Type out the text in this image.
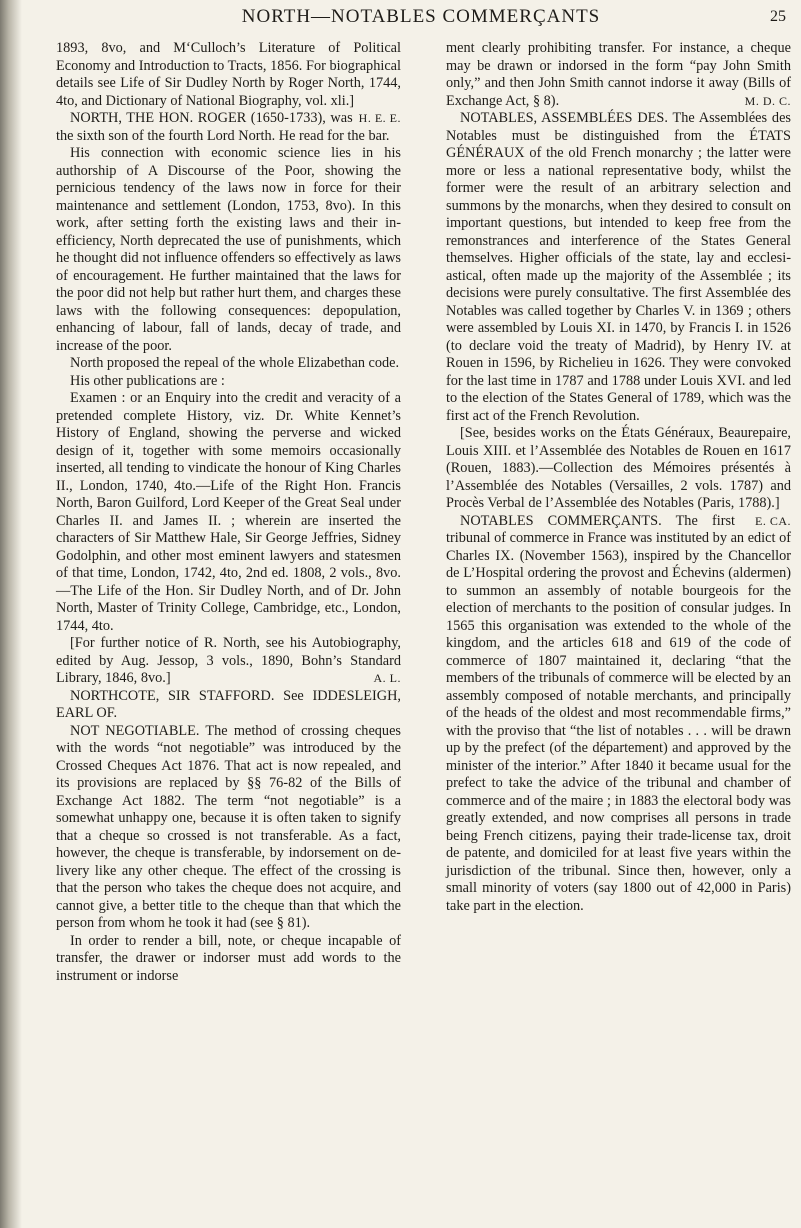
NORTH—NOTABLES COMMERÇANTS	25

1893, 8vo, and M‘Culloch’s Literature of Political Economy and Introduction to Tracts, 1856. For biographical details see Life of Sir Dudley North by Roger North, 1744, 4to, and Dictionary of National Biography, vol. xli.]
H. E. E.

NORTH, THE HON. ROGER (1650-1733), was the sixth son of the fourth Lord North. He read for the bar.

His connection with economic science lies in his authorship of A Discourse of the Poor, showing the pernicious tendency of the laws now in force for their maintenance and settlement (London, 1753, 8vo). In this work, after setting forth the existing laws and their inefficiency, North deprecated the use of punishments, which he thought did not influence offenders so effectively as laws of encouragement. He further maintained that the laws for the poor did not help but rather hurt them, and charges these laws with the following consequences: depopulation, enhancing of labour, fall of lands, decay of trade, and increase of the poor.

North proposed the repeal of the whole Elizabethan code.

His other publications are :

Examen : or an Enquiry into the credit and veracity of a pretended complete History, viz. Dr. White Kennet’s History of England, showing the perverse and wicked design of it, together with some memoirs occasionally inserted, all tending to vindicate the honour of King Charles II., London, 1740, 4to.—Life of the Right Hon. Francis North, Baron Guilford, Lord Keeper of the Great Seal under Charles II. and James II. ; wherein are inserted the characters of Sir Matthew Hale, Sir George Jeffries, Sidney Godolphin, and other most eminent lawyers and statesmen of that time, London, 1742, 4to, 2nd ed. 1808, 2 vols., 8vo. —The Life of the Hon. Sir Dudley North, and of Dr. John North, Master of Trinity College, Cambridge, etc., London, 1744, 4to.

[For further notice of R. North, see his Autobiography, edited by Aug. Jessop, 3 vols., 1890, Bohn’s Standard Library, 1846, 8vo.]	A. L.

NORTHCOTE, SIR STAFFORD. See IDDESLEIGH, EARL OF.

NOT NEGOTIABLE. The method of crossing cheques with the words “not negotiable” was introduced by the Crossed Cheques Act 1876. That act is now repealed, and its provisions are replaced by §§ 76-82 of the Bills of Exchange Act 1882. The term “not negotiable” is a somewhat unhappy one, because it is often taken to signify that a cheque so crossed is not transferable. As a fact, however, the cheque is transferable, by indorsement on delivery like any other cheque. The effect of the crossing is that the person who takes the cheque does not acquire, and cannot give, a better title to the cheque than that which the person from whom he took it had (see § 81).

In order to render a bill, note, or cheque incapable of transfer, the drawer or indorser must add words to the instrument or indorse

ment clearly prohibiting transfer. For instance, a cheque may be drawn or indorsed in the form “pay John Smith only,” and then John Smith cannot indorse it away (Bills of Exchange Act, § 8).	M. D. C.

NOTABLES, ASSEMBLÉES DES. The Assemblées des Notables must be distinguished from the ÉTATS GÉNÉRAUX of the old French monarchy ; the latter were more or less a national representative body, whilst the former were the result of an arbitrary selection and summons by the monarchs, when they desired to consult on important questions, but intended to keep free from the remonstrances and interference of the States General themselves. Higher officials of the state, lay and ecclesiastical, often made up the majority of the Assemblée ; its decisions were purely consultative. The first Assemblée des Notables was called together by Charles V. in 1369 ; others were assembled by Louis XI. in 1470, by Francis I. in 1526 (to declare void the treaty of Madrid), by Henry IV. at Rouen in 1596, by Richelieu in 1626. They were convoked for the last time in 1787 and 1788 under Louis XVI. and led to the election of the States General of 1789, which was the first act of the French Revolution.

[See, besides works on the États Généraux, Beaurepaire, Louis XIII. et l’Assemblée des Notables de Rouen en 1617 (Rouen, 1883).—Collection des Mémoires présentés à l’Assemblée des Notables (Versailles, 2 vols. 1787) and Procès Verbal de l’Assemblée des Notables (Paris, 1788).]
E. CA.

NOTABLES COMMERÇANTS. The first tribunal of commerce in France was instituted by an edict of Charles IX. (November 1563), inspired by the Chancellor de L’Hospital ordering the provost and Échevins (aldermen) to summon an assembly of notable bourgeois for the election of merchants to the position of consular judges. In 1565 this organisation was extended to the whole of the kingdom, and the articles 618 and 619 of the code of commerce of 1807 maintained it, declaring “that the members of the tribunals of commerce will be elected by an assembly composed of notable merchants, and principally of the heads of the oldest and most recommendable firms,” with the proviso that “the list of notables . . . will be drawn up by the prefect (of the département) and approved by the minister of the interior.” After 1840 it became usual for the prefect to take the advice of the tribunal and chamber of commerce and of the maire ; in 1883 the electoral body was greatly extended, and now comprises all persons in trade being French citizens, paying their trade-license tax, droit de patente, and domiciled for at least five years within the jurisdiction of the tribunal. Since then, however, only a small minority of voters (say 1800 out of 42,000 in Paris) take part in the election.
